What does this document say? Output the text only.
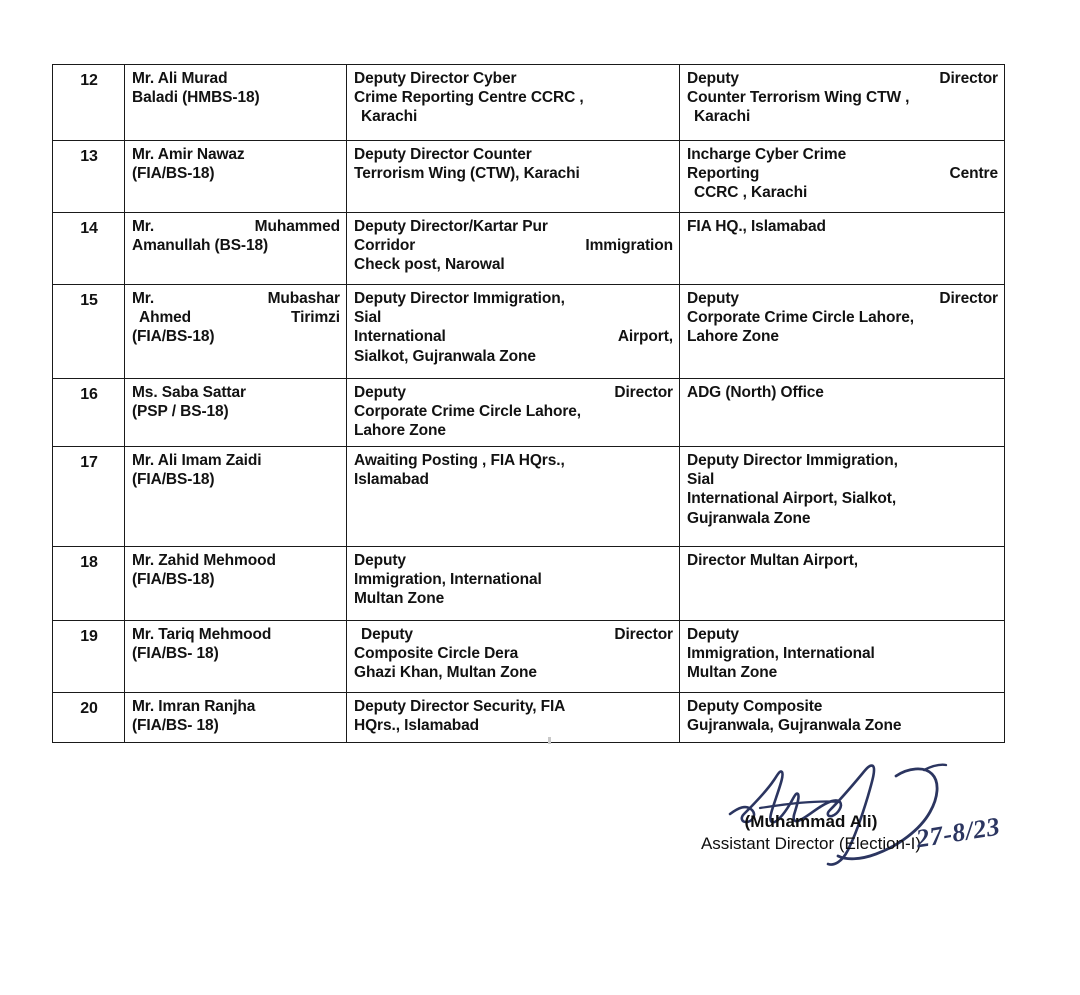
12	Mr. Ali Murad
Baladi (HMBS-18)	Deputy Director Cyber
Crime Reporting Centre CCRC ,
Karachi	Deputy Director
Counter Terrorism Wing CTW ,
Karachi

13	Mr. Amir Nawaz
(FIA/BS-18)	Deputy Director Counter
Terrorism Wing (CTW), Karachi	Incharge Cyber Crime
Reporting Centre
CCRC , Karachi

14	Mr. Muhammed
Amanullah (BS-18)	Deputy Director/Kartar Pur
Corridor Immigration
Check post, Narowal	FIA HQ., Islamabad

15	Mr. Mubashar
Ahmed Tirimzi
(FIA/BS-18)	Deputy Director Immigration,
Sial
International Airport,
Sialkot, Gujranwala Zone	Deputy Director
Corporate Crime Circle Lahore,
Lahore Zone

16	Ms. Saba Sattar
(PSP / BS-18)	Deputy Director
Corporate Crime Circle Lahore,
Lahore Zone	ADG (North) Office

17	Mr. Ali Imam Zaidi
(FIA/BS-18)	Awaiting Posting , FIA HQrs.,
Islamabad	Deputy Director Immigration,
Sial
International Airport, Sialkot,
Gujranwala Zone

18	Mr. Zahid Mehmood
(FIA/BS-18)	Deputy
Immigration, International
Multan Zone	Director Multan Airport,

19	Mr. Tariq Mehmood
(FIA/BS- 18)	Deputy Director
Composite Circle Dera
Ghazi Khan, Multan Zone	Deputy
Immigration, International
Multan Zone

20	Mr. Imran Ranjha
(FIA/BS- 18)	Deputy Director Security, FIA
HQrs., Islamabad	Deputy Composite
Gujranwala, Gujranwala Zone

(Muhammad Ali)

Assistant Director (Election-I)

27-8/23
